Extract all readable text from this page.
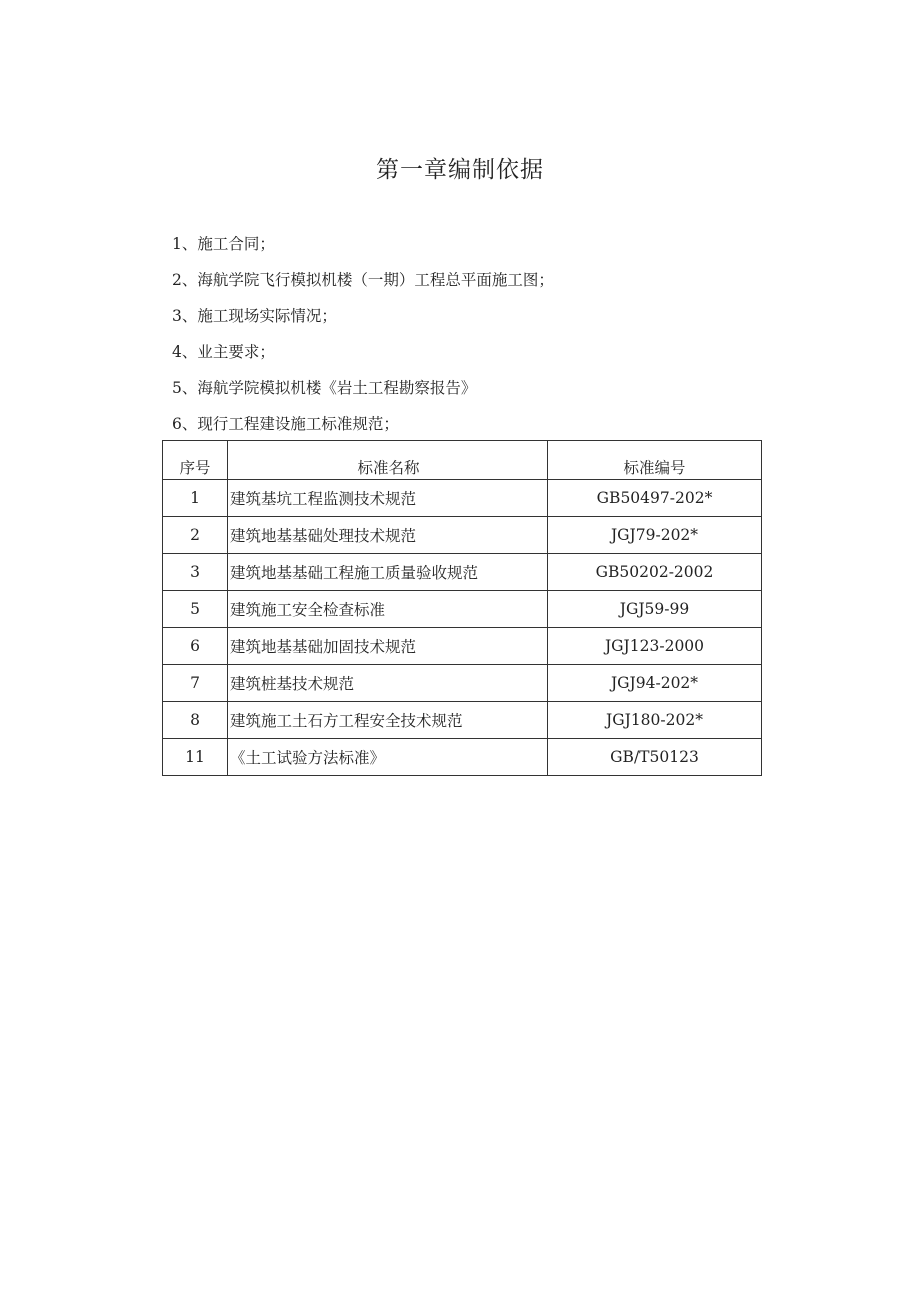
第一章编制依据
1、施工合同；
2、海航学院飞行模拟机楼（一期）工程总平面施工图；
3、施工现场实际情况；
4、业主要求；
5、海航学院模拟机楼《岩土工程勘察报告》
6、现行工程建设施工标准规范；
序号	标准名称	标准编号
1	建筑基坑工程监测技术规范	GB50497-202*
2	建筑地基基础处理技术规范	JGJ79-202*
3	建筑地基基础工程施工质量验收规范	GB50202-2002
5	建筑施工安全检查标准	JGJ59-99
6	建筑地基基础加固技术规范	JGJ123-2000
7	建筑桩基技术规范	JGJ94-202*
8	建筑施工土石方工程安全技术规范	JGJ180-202*
11	《土工试验方法标准》	GB/T50123
